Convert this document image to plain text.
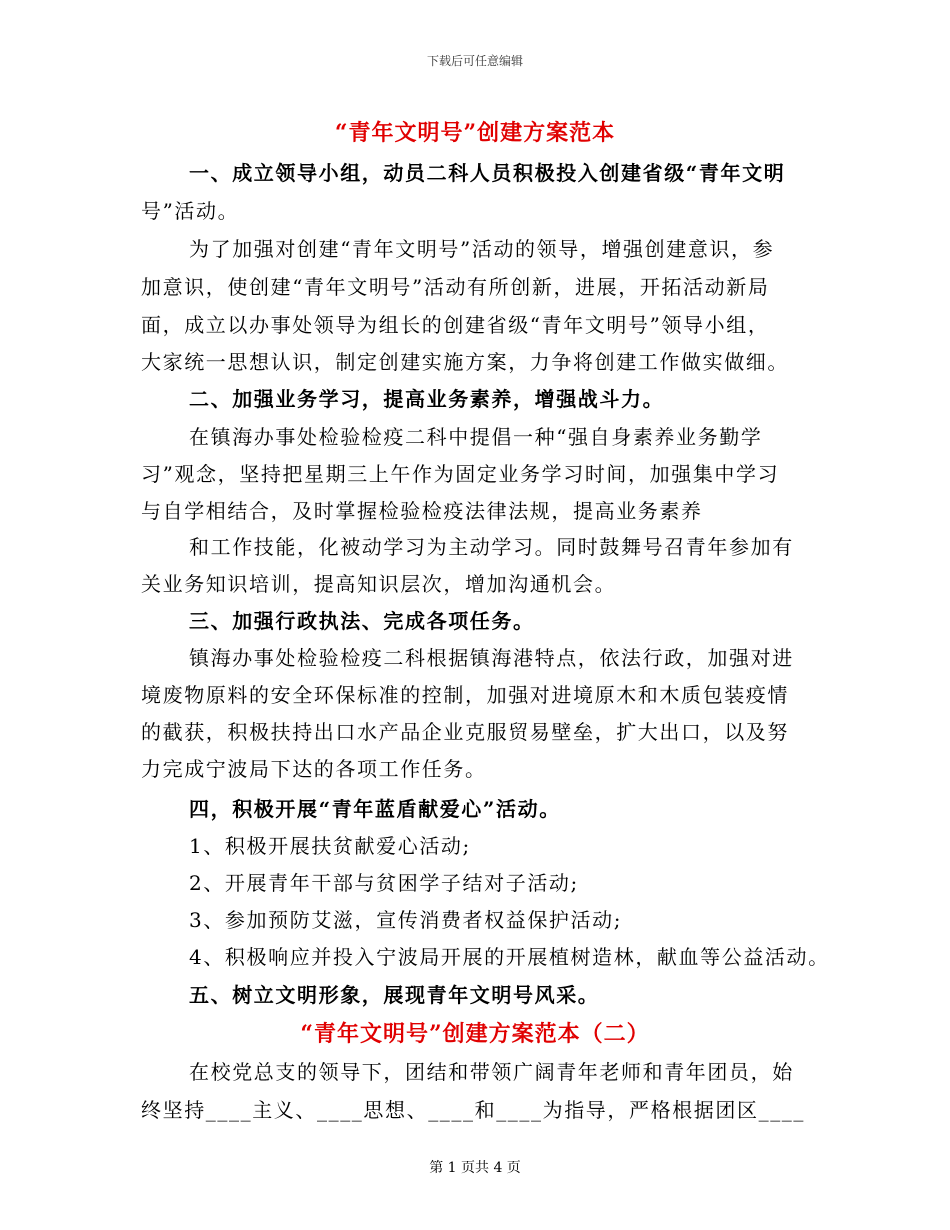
下载后可任意编辑
“青年文明号”创建方案范本
一、成立领导小组，动员二科人员积极投入创建省级“青年文明
号”活动。
为了加强对创建“青年文明号”活动的领导，增强创建意识，参
加意识，使创建“青年文明号”活动有所创新，进展，开拓活动新局
面，成立以办事处领导为组长的创建省级“青年文明号”领导小组，
大家统一思想认识，制定创建实施方案，力争将创建工作做实做细。
二、加强业务学习，提高业务素养，增强战斗力。
在镇海办事处检验检疫二科中提倡一种“强自身素养业务勤学
习”观念，坚持把星期三上午作为固定业务学习时间，加强集中学习
与自学相结合，及时掌握检验检疫法律法规，提高业务素养
和工作技能，化被动学习为主动学习。同时鼓舞号召青年参加有
关业务知识培训，提高知识层次，增加沟通机会。
三、加强行政执法、完成各项任务。
镇海办事处检验检疫二科根据镇海港特点，依法行政，加强对进
境废物原料的安全环保标准的控制，加强对进境原木和木质包装疫情
的截获，积极扶持出口水产品企业克服贸易壁垒，扩大出口，以及努
力完成宁波局下达的各项工作任务。
四，积极开展“青年蓝盾献爱心”活动。
1、积极开展扶贫献爱心活动;
2、开展青年干部与贫困学子结对子活动;
3、参加预防艾滋，宣传消费者权益保护活动;
4、积极响应并投入宁波局开展的开展植树造林，献血等公益活动。
五、树立文明形象，展现青年文明号风采。
“青年文明号”创建方案范本（二）
在校党总支的领导下，团结和带领广阔青年老师和青年团员，始
终坚持____主义、____思想、____和____为指导，严格根据团区____
第 1 页共 4 页
